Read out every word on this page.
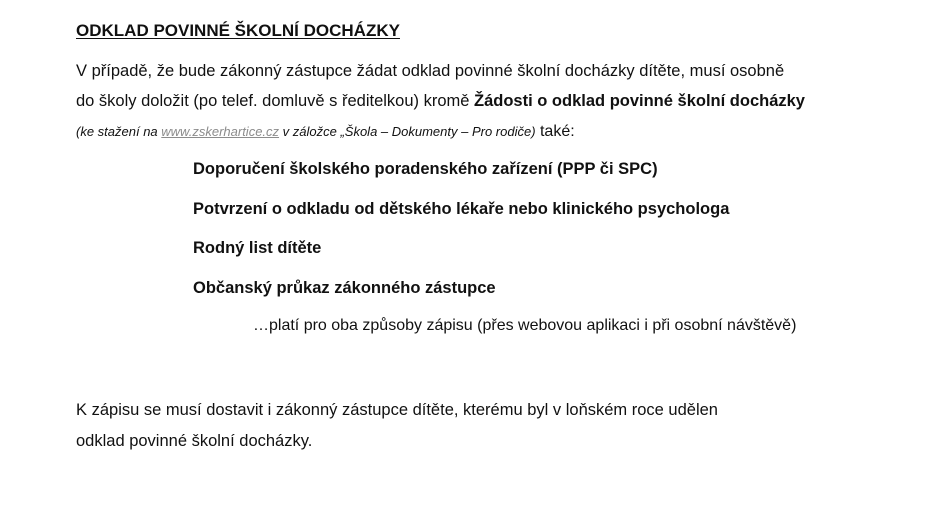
ODKLAD POVINNÉ ŠKOLNÍ DOCHÁZKY
V případě, že bude zákonný zástupce žádat odklad povinné školní docházky dítěte, musí osobně
do školy doložit (po telef. domluvě s ředitelkou) kromě Žádosti o odklad povinné školní docházky
(ke stažení na www.zskerhartice.cz v záložce „Škola – Dokumenty – Pro rodiče) také:
Doporučení školského poradenského zařízení (PPP či SPC)
Potvrzení o odkladu od dětského lékaře nebo klinického psychologa
Rodný list dítěte
Občanský průkaz zákonného zástupce
…platí pro oba způsoby zápisu (přes webovou aplikaci i při osobní návštěvě)
K zápisu se musí dostavit i zákonný zástupce dítěte, kterému byl v loňském roce udělen
odklad povinné školní docházky.
